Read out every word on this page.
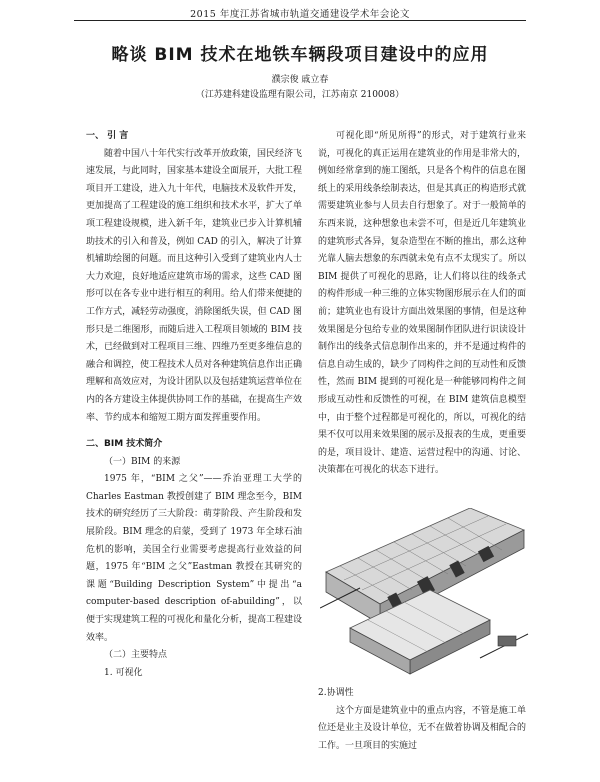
2015 年度江苏省城市轨道交通建设学术年会论文
略谈 BIM 技术在地铁车辆段项目建设中的应用
濮宗俊 戚立春
（江苏建科建设监理有限公司，江苏南京 210008）

一、 引 言

随着中国八十年代实行改革开放政策，国民经济飞速发展，与此同时，国家基本建设全面展开，大批工程项目开工建设，进入九十年代，电脑技术及软件开发，更加提高了工程建设的施工组织和技术水平，扩大了单项工程建设规模，进入新千年，建筑业已步入计算机辅助技术的引入和普及，例如 CAD 的引入，解决了计算机辅助绘图的问题。而且这种引入受到了建筑业内人士大力欢迎，良好地适应建筑市场的需求，这些 CAD 图形可以在各专业中进行相互的利用。给人们带来便捷的工作方式，减轻劳动强度，消除图纸失误，但 CAD 图形只是二维图形，而随后进入工程项目领域的 BIM 技术，已经做到对工程项目三维、四维乃至更多维信息的融合和调控，使工程技术人员对各种建筑信息作出正确理解和高效应对，为设计团队以及包括建筑运营单位在内的各方建设主体提供协同工作的基础，在提高生产效率、节约成本和缩短工期方面发挥重要作用。

二、BIM 技术简介

（一）BIM 的来源

1975 年，“BIM 之父”——乔治亚理工大学的 Charles Eastman 教授创建了 BIM 理念至今，BIM 技术的研究经历了三大阶段：萌芽阶段、产生阶段和发展阶段。BIM 理念的启蒙，受到了 1973 年全球石油危机的影响，美国全行业需要考虑提高行业效益的问题，1975 年“BIM 之父”Eastman 教授在其研究的课题“Building Description System”中提出“a computer-based description of-abuilding”，以便于实现建筑工程的可视化和量化分析，提高工程建设效率。

（二）主要特点

1. 可视化

可视化即“所见所得”的形式，对于建筑行业来说，可视化的真正运用在建筑业的作用是非常大的，例如经常拿到的施工图纸，只是各个构件的信息在图纸上的采用线条绘制表达，但是其真正的构造形式就需要建筑业参与人员去自行想象了。对于一般简单的东西来说，这种想象也未尝不可，但是近几年建筑业的建筑形式各异，复杂造型在不断的推出，那么这种光靠人脑去想象的东西就未免有点不太现实了。所以 BIM 提供了可视化的思路，让人们将以往的线条式的构件形成一种三维的立体实物图形展示在人们的面前；建筑业也有设计方面出效果图的事情，但是这种效果图是分包给专业的效果图制作团队进行识读设计制作出的线条式信息制作出来的，并不是通过构件的信息自动生成的，缺少了同构件之间的互动性和反馈性，然而 BIM 提到的可视化是一种能够同构件之间形成互动性和反馈性的可视，在 BIM 建筑信息模型中，由于整个过程都是可视化的，所以，可视化的结果不仅可以用来效果图的展示及报表的生成，更重要的是，项目设计、建造、运营过程中的沟通、讨论、决策都在可视化的状态下进行。

2.协调性

这个方面是建筑业中的重点内容，不管是施工单位还是业主及设计单位，无不在做着协调及相配合的工作。一旦项目的实施过
